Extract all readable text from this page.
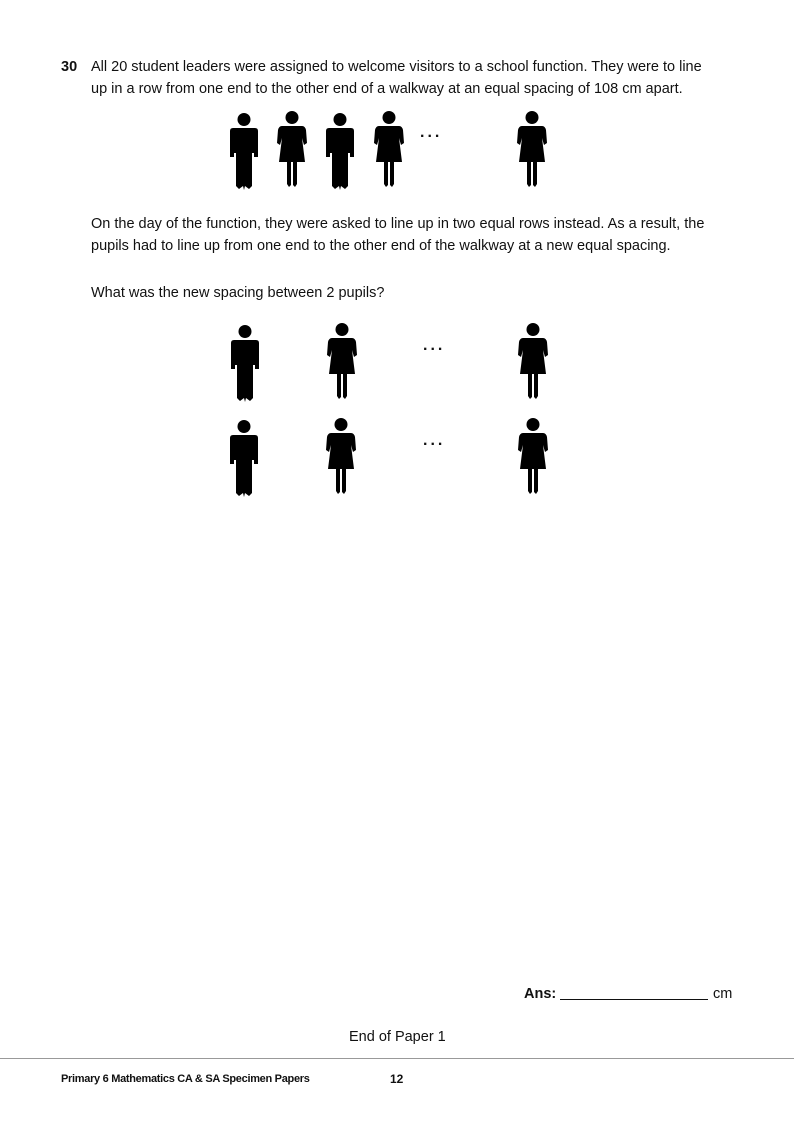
30 All 20 student leaders were assigned to welcome visitors to a school function. They were to line
up in a row from one end to the other end of a walkway at an equal spacing of 108 cm apart.
...
On the day of the function, they were asked to line up in two equal rows instead. As a result, the
pupils had to line up from one end to the other end of the walkway at a new equal spacing.
What was the new spacing between 2 pupils?
...
...
Ans:	cm
End of Paper 1
Primary 6 Mathematics CA & SA Specimen Papers	12
